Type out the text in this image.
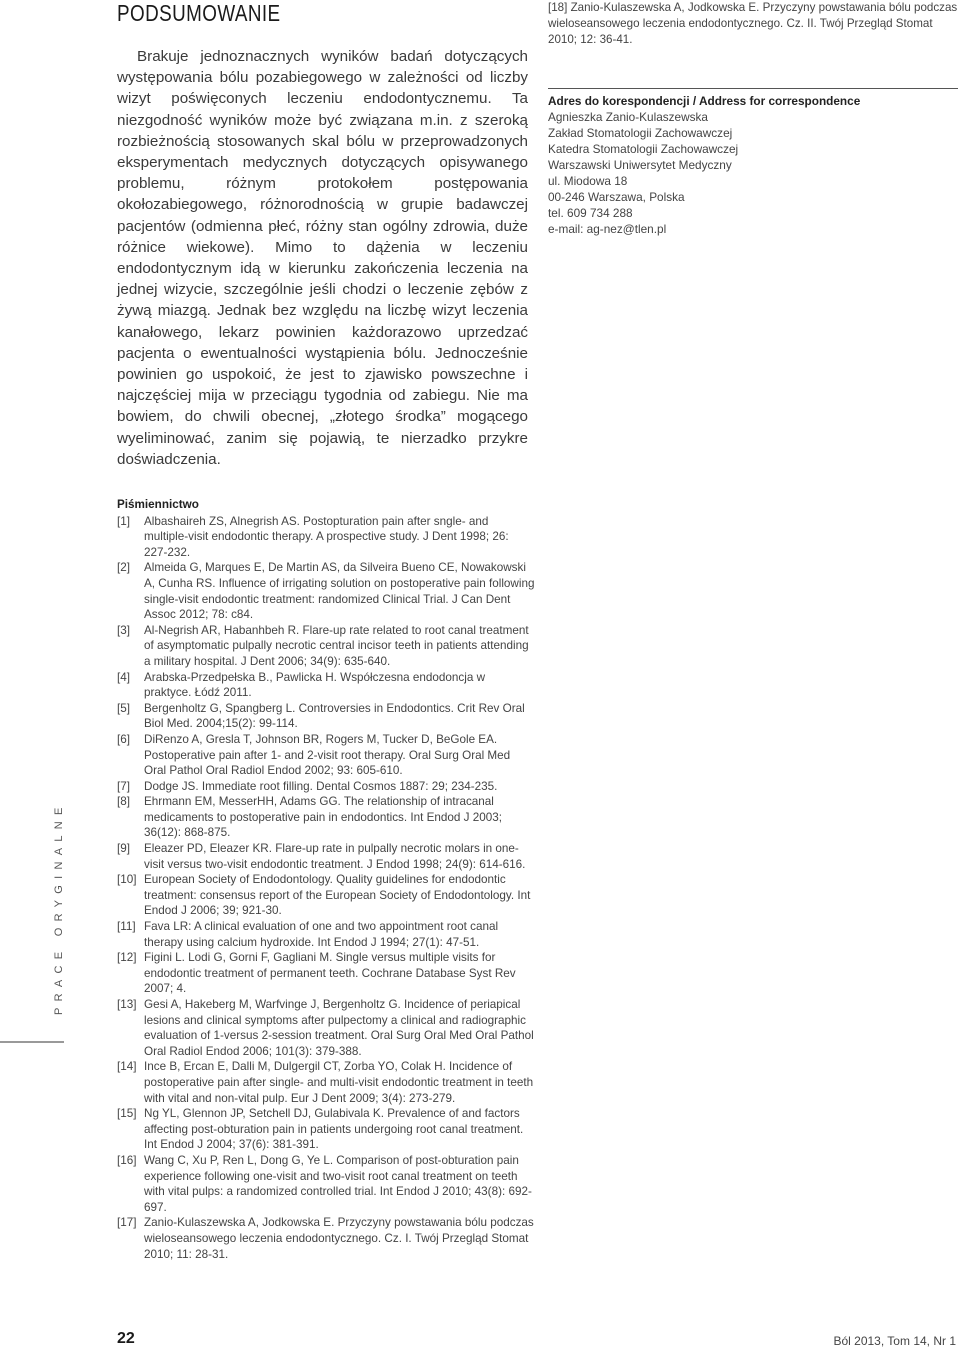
PODSUMOWANIE
Brakuje jednoznacznych wyników badań dotyczących występowania bólu pozabiegowego w zależności od liczby wizyt poświęconych leczeniu endodontycznemu. Ta niezgodność wyników może być związana m.in. z szeroką rozbieżnością stosowanych skal bólu w przeprowadzonych eksperymentach medycznych dotyczących opisywanego problemu, różnym protokołem postępowania okołozabiegowego, różnorodnością w grupie badawczej pacjentów (odmienna płeć, różny stan ogólny zdrowia, duże różnice wiekowe). Mimo to dążenia w leczeniu endodontycznym idą w kierunku zakończenia leczenia na jednej wizycie, szczególnie jeśli chodzi o leczenie zębów z żywą miazgą. Jednak bez względu na liczbę wizyt leczenia kanałowego, lekarz powinien każdorazowo uprzedzać pacjenta o ewentualności wystąpienia bólu. Jednocześnie powinien go uspokoić, że jest to zjawisko powszechne i najczęściej mija w przeciągu tygodnia od zabiegu. Nie ma bowiem, do chwili obecnej, „złotego środka” mogącego wyeliminować, zanim się pojawią, te nierzadko przykre doświadczenia.
[18] Zanio-Kulaszewska A, Jodkowska E. Przyczyny powstawania bólu podczas wieloseansowego leczenia endodontycznego. Cz. II. Twój Przegląd Stomat 2010; 12: 36-41.
Adres do korespondencji / Address for correspondence
Agnieszka Zanio-Kulaszewska
Zakład Stomatologii Zachowawczej
Katedra Stomatologii Zachowawczej
Warszawski Uniwersytet Medyczny
ul. Miodowa 18
00-246 Warszawa, Polska
tel. 609 734 288
e-mail: ag-nez@tlen.pl
Piśmiennictwo
[1] Albashaireh ZS, Alnegrish AS. Postopturation pain after sngle- and multiple-visit endodontic therapy. A prospective study. J Dent 1998; 26: 227-232.
[2] Almeida G, Marques E, De Martin AS, da Silveira Bueno CE, Nowakowski A, Cunha RS. Influence of irrigating solution on postoperative pain following single-visit endodontic treatment: randomized Clinical Trial. J Can Dent Assoc 2012; 78: c84.
[3] Al-Negrish AR, Habanhbeh R. Flare-up rate related to root canal treatment of asymptomatic pulpally necrotic central incisor teeth in patients attending a military hospital. J Dent 2006; 34(9): 635-640.
[4] Arabska-Przedpełska B., Pawlicka H. Współczesna endodoncja w praktyce. Łódź 2011.
[5] Bergenholtz G, Spangberg L. Controversies in Endodontics. Crit Rev Oral Biol Med. 2004;15(2): 99-114.
[6] DiRenzo A, Gresla T, Johnson BR, Rogers M, Tucker D, BeGole EA. Postoperative pain after 1- and 2-visit root therapy. Oral Surg Oral Med Oral Pathol Oral Radiol Endod 2002; 93: 605-610.
[7] Dodge JS. Immediate root filling. Dental Cosmos 1887: 29; 234-235.
[8] Ehrmann EM, MesserHH, Adams GG. The relationship of intracanal medicaments to postoperative pain in endodontics. Int Endod J 2003; 36(12): 868-875.
[9] Eleazer PD, Eleazer KR. Flare-up rate in pulpally necrotic molars in one-visit versus two-visit endodontic treatment. J Endod 1998; 24(9): 614-616.
[10] European Society of Endodontology. Quality guidelines for endodontic treatment: consensus report of the European Society of Endodontology. Int Endod J 2006; 39; 921-30.
[11] Fava LR: A clinical evaluation of one and two appointment root canal therapy using calcium hydroxide. Int Endod J 1994; 27(1): 47-51.
[12] Figini L. Lodi G, Gorni F, Gagliani M. Single versus multiple visits for endodontic treatment of permanent teeth. Cochrane Database Syst Rev 2007; 4.
[13] Gesi A, Hakeberg M, Warfvinge J, Bergenholtz G. Incidence of periapical lesions and clinical symptoms after pulpectomy a clinical and radiographic evaluation of 1-versus 2-session treatment. Oral Surg Oral Med Oral Pathol Oral Radiol Endod 2006; 101(3): 379-388.
[14] Ince B, Ercan E, Dalli M, Dulgergil CT, Zorba YO, Colak H. Incidence of postoperative pain after single- and multi-visit endodontic treatment in teeth with vital and non-vital pulp. Eur J Dent 2009; 3(4): 273-279.
[15] Ng YL, Glennon JP, Setchell DJ, Gulabivala K. Prevalence of and factors affecting post-obturation pain in patients undergoing root canal treatment. Int Endod J 2004; 37(6): 381-391.
[16] Wang C, Xu P, Ren L, Dong G, Ye L. Comparison of post-obturation pain experience following one-visit and two-visit root canal treatment on teeth with vital pulps: a randomized controlled trial. Int Endod J 2010; 43(8): 692-697.
[17] Zanio-Kulaszewska A, Jodkowska E. Przyczyny powstawania bólu podczas wieloseansowego leczenia endodontycznego. Cz. I. Twój Przegląd Stomat 2010; 11: 28-31.
PRACE ORYGINALNE
22	Ból 2013, Tom 14, Nr 1
